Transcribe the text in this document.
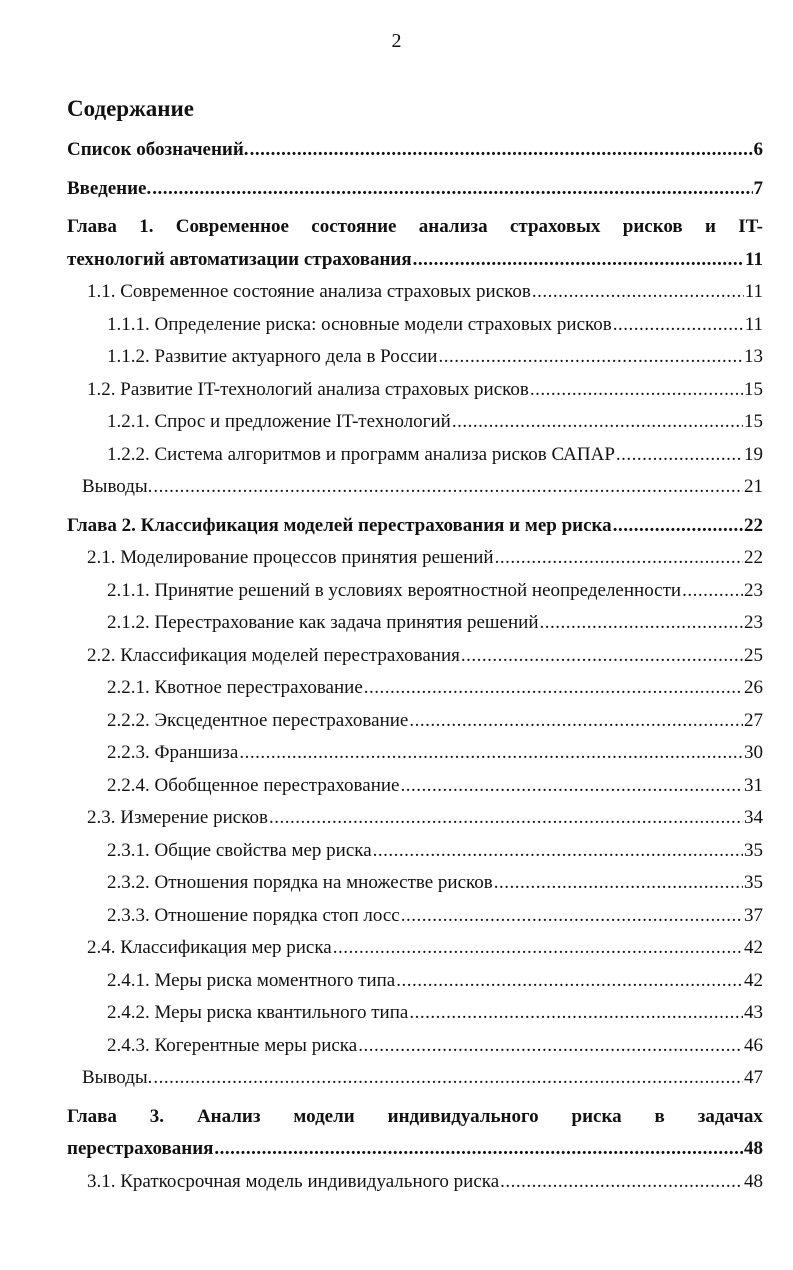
2
Содержание
Список обозначений. .....	6
Введение. .....	7
Глава 1. Современное состояние анализа страховых рисков и IT-
технологий автоматизации страхования .....	11
1.1. Современное состояние анализа страховых рисков .....	11
1.1.1. Определение риска: основные модели страховых рисков .....	11
1.1.2. Развитие актуарного дела в России .....	13
1.2. Развитие IT-технологий анализа страховых рисков .....	15
1.2.1. Спрос и предложение IT-технологий .....	15
1.2.2. Система алгоритмов и программ анализа рисков САПАР .....	19
Выводы. .....	21
Глава 2. Классификация моделей перестрахования и мер риска .....	22
2.1. Моделирование процессов принятия решений .....	22
2.1.1. Принятие решений в условиях вероятностной неопределенности .....	23
2.1.2. Перестрахование как задача принятия решений .....	23
2.2. Классификация моделей перестрахования .....	25
2.2.1. Квотное перестрахование .....	26
2.2.2. Эксцедентное перестрахование .....	27
2.2.3. Франшиза .....	30
2.2.4. Обобщенное перестрахование .....	31
2.3. Измерение рисков .....	34
2.3.1. Общие свойства мер риска .....	35
2.3.2. Отношения порядка на множестве рисков .....	35
2.3.3. Отношение порядка стоп лосс .....	37
2.4. Классификация мер риска .....	42
2.4.1. Меры риска моментного типа .....	42
2.4.2. Меры риска квантильного типа .....	43
2.4.3. Когерентные меры риска .....	46
Выводы. .....	47
Глава 3. Анализ модели индивидуального риска в задачах
перестрахования .....	48
3.1. Краткосрочная модель индивидуального риска .....	48
